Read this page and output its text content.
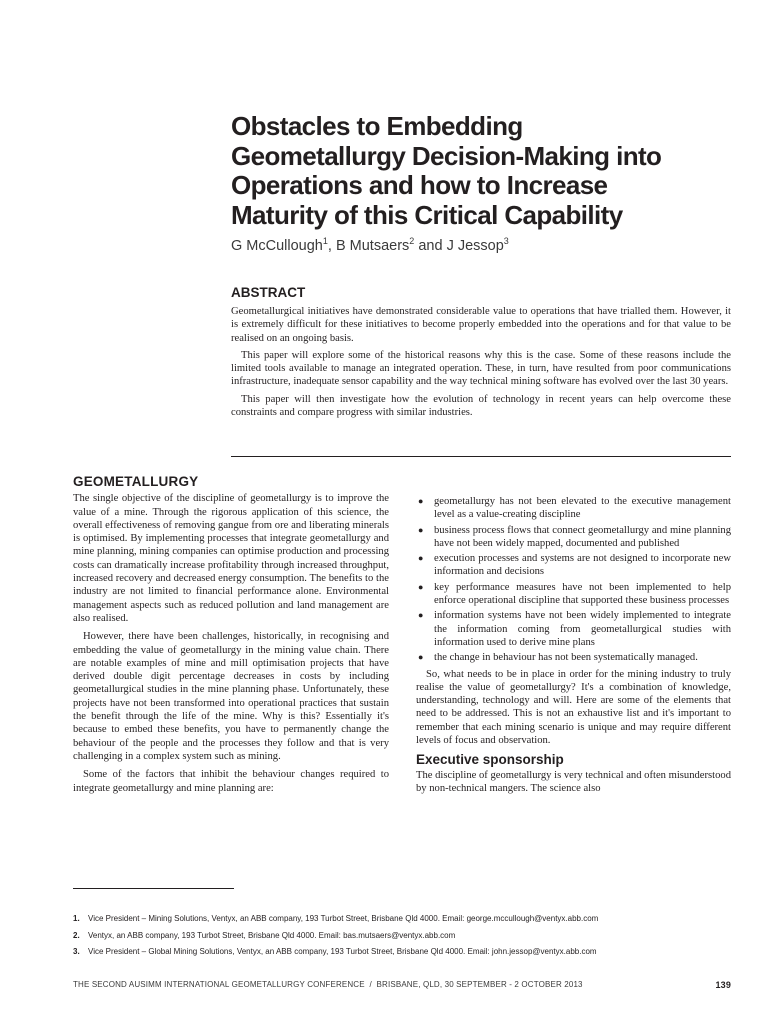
Obstacles to Embedding Geometallurgy Decision-Making into Operations and how to Increase Maturity of this Critical Capability
G McCullough$^1$, B Mutsaers$^2$ and J Jessop$^3$
ABSTRACT

Geometallurgical initiatives have demonstrated considerable value to operations that have trialled them. However, it is extremely difficult for these initiatives to become properly embedded into the operations and for that value to be realised on an ongoing basis.

This paper will explore some of the historical reasons why this is the case. Some of these reasons include the limited tools available to manage an integrated operation. These, in turn, have resulted from poor communications infrastructure, inadequate sensor capability and the way technical mining software has evolved over the last 30 years.

This paper will then investigate how the evolution of technology in recent years can help overcome these constraints and compare progress with similar industries.

GEOMETALLURGY

The single objective of the discipline of geometallurgy is to improve the value of a mine. Through the rigorous application of this science, the overall effectiveness of removing gangue from ore and liberating minerals is optimised. By implementing processes that integrate geometallurgy and mine planning, mining companies can optimise production and processing costs can dramatically increase profitability through increased throughput, increased recovery and decreased energy consumption. The benefits to the industry are not limited to financial performance alone. Environmental management aspects such as reduced pollution and land management are also realised.

However, there have been challenges, historically, in recognising and embedding the value of geometallurgy in the mining value chain. There are notable examples of mine and mill optimisation projects that have derived double digit percentage decreases in costs by including geometallurgical studies in the mine planning phase. Unfortunately, these projects have not been transformed into operational practices that sustain the benefit through the life of the mine. Why is this? Essentially it's because to embed these benefits, you have to permanently change the behaviour of the people and the processes they follow and that is very challenging in a complex system such as mining.

Some of the factors that inhibit the behaviour changes required to integrate geometallurgy and mine planning are:

● geometallurgy has not been elevated to the executive management level as a value-creating discipline
● business process flows that connect geometallurgy and mine planning have not been widely mapped, documented and published
● execution processes and systems are not designed to incorporate new information and decisions
● key performance measures have not been implemented to help enforce operational discipline that supported these business processes
● information systems have not been widely implemented to integrate the information coming from geometallurgical studies with information used to derive mine plans
● the change in behaviour has not been systematically managed.

So, what needs to be in place in order for the mining industry to truly realise the value of geometallurgy? It's a combination of knowledge, understanding, technology and will. Here are some of the elements that need to be addressed. This is not an exhaustive list and it's important to remember that each mining scenario is unique and may require different levels of focus and observation.

Executive sponsorship

The discipline of geometallurgy is very technical and often misunderstood by non-technical mangers. The science also

1.	Vice President – Mining Solutions, Ventyx, an ABB company, 193 Turbot Street, Brisbane Qld 4000. Email: george.mccullough@ventyx.abb.com
2.	Ventyx, an ABB company, 193 Turbot Street, Brisbane Qld 4000. Email: bas.mutsaers@ventyx.abb.com
3.	Vice President – Global Mining Solutions, Ventyx, an ABB company, 193 Turbot Street, Brisbane Qld 4000. Email: john.jessop@ventyx.abb.com
THE SECOND AUSIMM INTERNATIONAL GEOMETALLURGY CONFERENCE  /  BRISBANE, QLD, 30 SEPTEMBER - 2 OCTOBER 2013	139
